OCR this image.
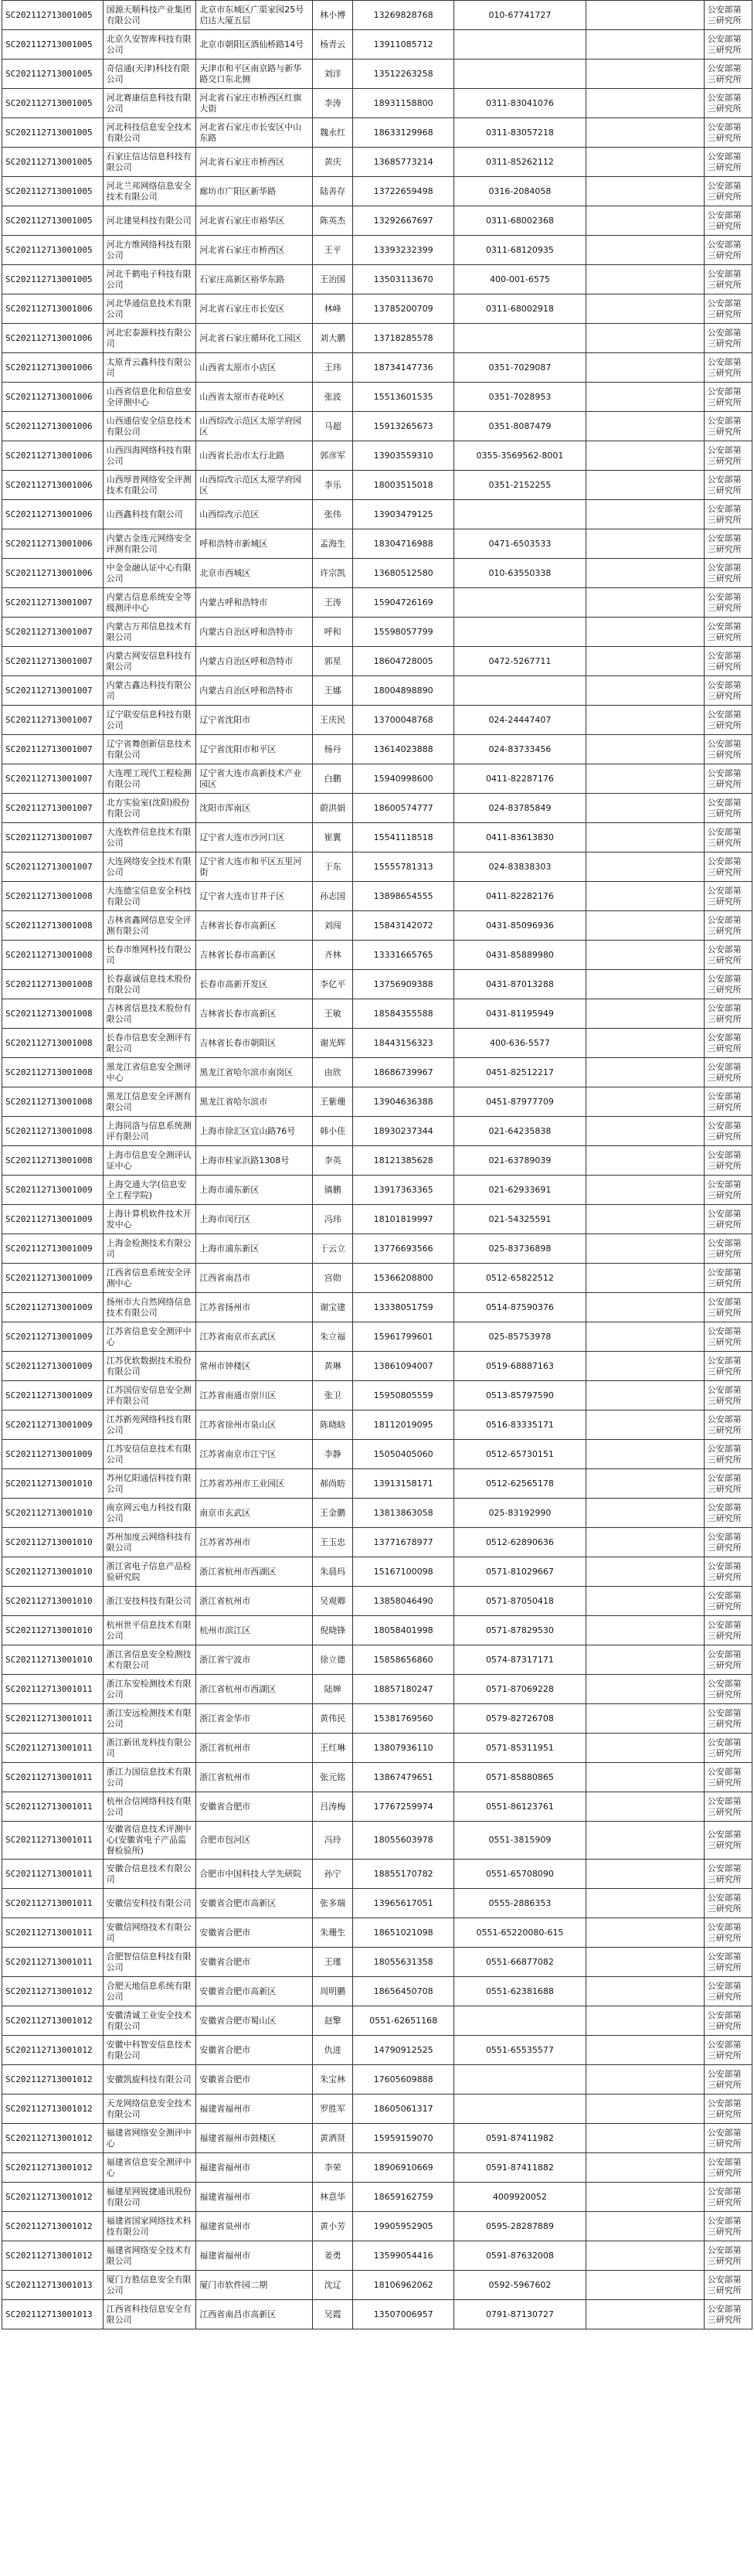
SC202112713001005	国源天顺科技产业集团有限公司	北京市东城区广渠家园25号启达大厦五层	林小博	13269828768	010-67741727		公安部第三研究所
SC202112713001005	北京久安智库科技有限公司	北京市朝阳区酒仙桥路14号	杨青云	13911085712			公安部第三研究所
SC202112713001005	奇信通(天津)科技有限公司	天津市和平区南京路与新华路交口东北侧	刘洋	13512263258			公安部第三研究所
SC202112713001005	河北赛康信息科技有限公司	河北省石家庄市桥西区红旗大街	李涛	18931158800	0311-83041076		公安部第三研究所
SC202112713001005	河北科技信息安全技术有限公司	河北省石家庄市长安区中山东路	魏永红	18633129968	0311-83057218		公安部第三研究所
SC202112713001005	石家庄信达信息科技有限公司	河北省石家庄市桥西区	黄庆	13685773214	0311-85262112		公安部第三研究所
SC202112713001005	河北兰邦网络信息安全技术有限公司	廊坊市广阳区新华路	陆善存	13722659498	0316-2084058		公安部第三研究所
SC202112713001005	河北建昊科技有限公司	河北省石家庄市裕华区	陈英杰	13292667697	0311-68002368		公安部第三研究所
SC202112713001005	河北方维网络科技有限公司	河北省石家庄市桥西区	王平	13393232399	0311-68120935		公安部第三研究所
SC202112713001005	河北千鹤电子科技有限公司	石家庄高新区裕华东路	王治国	13503113670	400-001-6575		公安部第三研究所
SC202112713001006	河北华通信息技术有限公司	河北省石家庄市长安区	林峰	13785200709	0311-68002918		公安部第三研究所
SC202112713001006	河北宏泰源科技有限公司	河北省石家庄循环化工园区	刘大鹏	13718285578			公安部第三研究所
SC202112713001006	太原青云鑫科技有限公司	山西省太原市小店区	王玮	18734147736	0351-7029087		公安部第三研究所
SC202112713001006	山西省信息化和信息安全评测中心	山西省太原市杏花岭区	张波	15513601535	0351-7028953		公安部第三研究所
SC202112713001006	山西通信安全信息技术有限公司	山西综改示范区太原学府园区	马超	15913265673	0351-8087479		公安部第三研究所
SC202112713001006	山西四海网络科技有限公司	山西省长治市太行北路	郭彦军	13903559310	0355-3569562-8001		公安部第三研究所
SC202112713001006	山西厚普网络安全评测技术有限公司	山西综改示范区太原学府园区	李乐	18003515018	0351-2152255		公安部第三研究所
SC202112713001006	山西鑫科技有限公司	山西综改示范区	张伟	13903479125			公安部第三研究所
SC202112713001006	内蒙古金连元网络安全评测有限公司	呼和浩特市新城区	孟海生	18304716988	0471-6503533		公安部第三研究所
SC202112713001006	中金金融认证中心有限公司	北京市西城区	许宗凯	13680512580	010-63550338		公安部第三研究所
SC202112713001007	内蒙古信息系统安全等级测评中心	内蒙古呼和浩特市	王涛	15904726169			公安部第三研究所
SC202112713001007	内蒙古万邦信息技术有限公司	内蒙古自治区呼和浩特市	呼和	15598057799			公安部第三研究所
SC202112713001007	内蒙古网安信息科技有限公司	内蒙古自治区呼和浩特市	郭星	18604728005	0472-5267711		公安部第三研究所
SC202112713001007	内蒙古鑫达科技有限公司	内蒙古自治区呼和浩特市	王娜	18004898890			公安部第三研究所
SC202112713001007	辽宁联安信息科技有限公司	辽宁省沈阳市	王庆民	13700048768	024-24447407		公安部第三研究所
SC202112713001007	辽宁省舞创新信息技术有限公司	辽宁省沈阳市和平区	杨丹	13614023888	024-83733456		公安部第三研究所
SC202112713001007	大连理工现代工程检测有限公司	辽宁省大连市高新技术产业园区	白鹏	15940998600	0411-82287176		公安部第三研究所
SC202112713001007	北方实验室(沈阳)股份有限公司	沈阳市浑南区	蔚洪娟	18600574777	024-83785849		公安部第三研究所
SC202112713001007	大连软件信息技术有限公司	辽宁省大连市沙河口区	崔翼	15541118518	0411-83613830		公安部第三研究所
SC202112713001007	大连网络安全技术有限公司	辽宁省大连市和平区五里河街	于东	15555781313	024-83838303		公安部第三研究所
SC202112713001008	大连德宝信息安全科技有限公司	辽宁省大连市甘井子区	孙志国	13898654555	0411-82282176		公安部第三研究所
SC202112713001008	吉林省鑫网信息安全评测有限公司	吉林省长春市高新区	刘闯	15843142072	0431-85096936		公安部第三研究所
SC202112713001008	长春市维网科技有限公司	吉林省长春市高新区	齐林	13331665765	0431-85889980		公安部第三研究所
SC202112713001008	长春嘉诚信息技术股份有限公司	长春市高新开发区	李亿平	13756909388	0431-87013288		公安部第三研究所
SC202112713001008	吉林省信息技术股份有限公司	吉林省长春市高新区	王敏	18584355588	0431-81195949		公安部第三研究所
SC202112713001008	长春市信息安全测评有限公司	吉林省长春市朝阳区	谢光辉	18443156323	400-636-5577		公安部第三研究所
SC202112713001008	黑龙江省信息安全测评中心	黑龙江省哈尔滨市南岗区	由欣	18686739967	0451-82512217		公安部第三研究所
SC202112713001008	黑龙江信息安全评测有限公司	黑龙江省哈尔滨市	王紫珊	13904636388	0451-87977709		公安部第三研究所
SC202112713001008	上海同洛与信息系统测评有限公司	上海市徐汇区宜山路76号	韩小佳	18930237344	021-64235838		公安部第三研究所
SC202112713001008	上海市信息安全测评认证中心	上海市桂家浜路1308号	李英	18121385628	021-63789039		公安部第三研究所
SC202112713001009	上海交通大学(信息安全工程学院)	上海市浦东新区	镇鹏	13917363365	021-62933691		公安部第三研究所
SC202112713001009	上海计算机软件技术开发中心	上海市闵行区	冯玮	18101819997	021-54325591		公安部第三研究所
SC202112713001009	上海金检测技术有限公司	上海市浦东新区	于云立	13776693566	025-83736898		公安部第三研究所
SC202112713001009	江西省信息系统安全评测中心	江西省南昌市	宫勋	15366208800	0512-65822512		公安部第三研究所
SC202112713001009	扬州市大自然网络信息技术有限公司	江苏省扬州市	谢宝建	13338051759	0514-87590376		公安部第三研究所
SC202112713001009	江苏省信息安全测评中心	江苏省南京市玄武区	朱立福	15961799601	025-85753978		公安部第三研究所
SC202112713001009	江苏优软数据技术股份有限公司	常州市钟楼区	黄琳	13861094007	0519-68887163		公安部第三研究所
SC202112713001009	江苏国信安信息安全测评有限公司	江苏省南通市崇川区	张卫	15950805559	0513-85797590		公安部第三研究所
SC202112713001009	江苏新苑网络科技有限公司	江苏省徐州市泉山区	陈晓晗	18112019095	0516-83335171		公安部第三研究所
SC202112713001009	江苏安信信息技术有限公司	江苏省南京市江宁区	李静	15050405060	0512-65730151		公安部第三研究所
SC202112713001010	苏州亿阳通信科技有限公司	江苏省苏州市工业园区	郝尚昉	13913158171	0512-62565178		公安部第三研究所
SC202112713001010	南京网云电力科技有限公司	南京市玄武区	王金鹏	13813863058	025-83192990		公安部第三研究所
SC202112713001010	苏州加度云网络科技有限公司	江苏省苏州市	王玉忠	13771678977	0512-62890636		公安部第三研究所
SC202112713001010	浙江省电子信息产品检验研究院	浙江省杭州市西湖区	朱晨玛	15167100098	0571-81029667		公安部第三研究所
SC202112713001010	浙江安技科技有限公司	浙江省杭州市	吴观卿	13858046490	0571-87050418		公安部第三研究所
SC202112713001010	杭州世平信息技术有限公司	杭州市滨江区	倪晓锋	18058401998	0571-87829530		公安部第三研究所
SC202112713001010	浙江省信息安全检测技术有限公司	浙江省宁波市	徐立德	15858656860	0574-87317171		公安部第三研究所
SC202112713001011	浙江东安检测技术有限公司	浙江省杭州市西湖区	陆婵	18857180247	0571-87069228		公安部第三研究所
SC202112713001011	浙江安远检测技术有限公司	浙江省金华市	黄伟民	15381769560	0579-82726708		公安部第三研究所
SC202112713001011	浙江新讯龙科技有限公司	浙江省杭州市	王红琳	13807936110	0571-85311951		公安部第三研究所
SC202112713001011	浙江力国信息技术有限公司	浙江省杭州市	张元铭	13867479651	0571-85880865		公安部第三研究所
SC202112713001011	杭州合信网络科技有限公司	安徽省合肥市	吕涛梅	17767259974	0551-86123761		公安部第三研究所
SC202112713001011	安徽省信息技术评测中心(安徽省电子产品监督检验所)	合肥市包河区	冯玲	18055603978	0551-3815909		公安部第三研究所
SC202112713001011	安徽合信息技术有限公司	合肥市中国科技大学先研院	孙宁	18855170782	0551-65708090		公安部第三研究所
SC202112713001011	安徽信安科技有限公司	安徽省合肥市高新区	张多瑞	13965617051	0555-2886353		公安部第三研究所
SC202112713001011	安徽信网络技术有限公司	安徽省合肥市	朱珊生	18651021098	0551-65220080-615		公安部第三研究所
SC202112713001011	合肥智信信息科技有限公司	安徽省合肥市	王瑾	18055631358	0551-66877082		公安部第三研究所
SC202112713001012	合肥天地信息系统有限公司	安徽省合肥市高新区	周明鹏	18656450708	0551-62381688		公安部第三研究所
SC202112713001012	安徽清诚工业安全技术有限公司	安徽省合肥市蜀山区	赵擎	0551-62651168			公安部第三研究所
SC202112713001012	安徽中科智安信息技术有限公司	安徽省合肥市	仇进	14790912525	0551-65535577		公安部第三研究所
SC202112713001012	安徽凯旋科技有限公司	安徽省合肥市	朱宝林	17605609888			公安部第三研究所
SC202112713001012	天龙网络信息安全技术有限公司	福建省福州市	罗胜军	18605061317			公安部第三研究所
SC202112713001012	福建省网络安全测评中心	福建省福州市鼓楼区	黄洒贤	15959159070	0591-87411982		公安部第三研究所
SC202112713001012	福建省信息安全测评中心	福建省福州市	李荣	18906910669	0591-87411882		公安部第三研究所
SC202112713001012	福建星网锐捷通讯股份有限公司	福建省福州市	林意华	18659162759	4009920052		公安部第三研究所
SC202112713001012	福建省国家网络技术科技有限公司	福建省泉州市	黄小芳	19905952905	0595-28287889		公安部第三研究所
SC202112713001012	福建省网络安全技术有限公司	福建省福州市	姜勇	13599054416	0591-87632008		公安部第三研究所
SC202112713001013	厦门方胜信息安全有限公司	厦门市软件园二期	沈辽	18106962062	0592-5967602		公安部第三研究所
SC202112713001013	江西省科技信息安全有限公司	江西省南昌市高新区	吴霞	13507006957	0791-87130727		公安部第三研究所
